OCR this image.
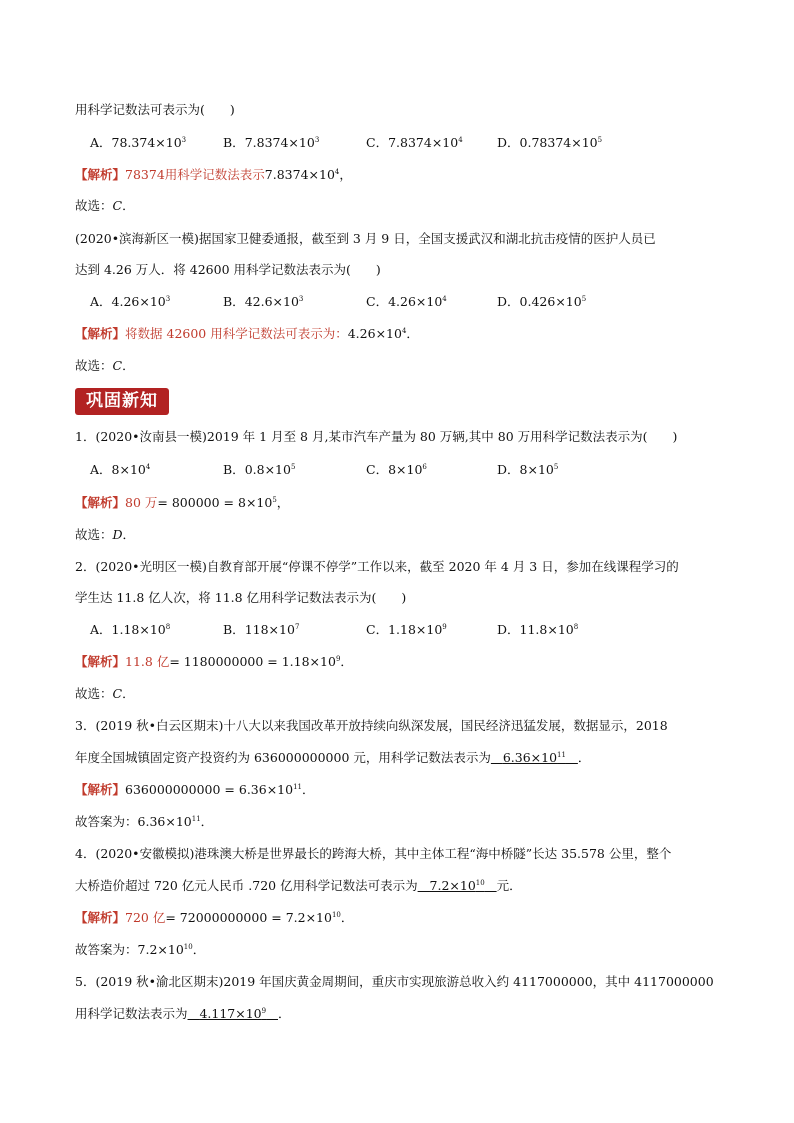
用科学记数法可表示为(　　)
A．$78.374\times 10^3$	B．$7.8374\times 10^3$	C．$7.8374\times 10^4$	D．$0.78374\times 10^5$
【解析】78374用科学记数法表示$7.8374\times 10^4$，
故选：C．
(2020•滨海新区一模)据国家卫健委通报，截至到 3 月 9 日，全国支援武汉和湖北抗击疫情的医护人员已
达到 4.26 万人．将 42600 用科学记数法表示为(　　)
A．$4.26\times 10^3$	B．$42.6\times 10^3$	C．$4.26\times 10^4$	D．$0.426\times 10^5$
【解析】将数据 42600 用科学记数法可表示为：$4.26\times 10^4$．
故选：C．
巩固新知
1．(2020•汝南县一模)2019 年 1 月至 8 月,某市汽车产量为 80 万辆,其中 80 万用科学记数法表示为(　　)
A．$8\times 10^4$	B．$0.8\times 10^5$	C．$8\times 10^6$	D．$8\times 10^5$
【解析】80 万= $800000 = 8\times 10^5$，
故选：D．
2．(2020•光明区一模)自教育部开展“停课不停学”工作以来，截至 2020 年 4 月 3 日，参加在线课程学习的
学生达 11.8 亿人次，将 11.8 亿用科学记数法表示为(　　)
A．$1.18\times 10^8$	B．$118\times 10^7$	C．$1.18\times 10^9$	D．$11.8\times 10^8$
【解析】11.8 亿= $1180000000 = 1.18\times 10^9$．
故选：C．
3．(2019 秋•白云区期末)十八大以来我国改革开放持续向纵深发展，国民经济迅猛发展，数据显示，2018
年度全国城镇固定资产投资约为 636000000000 元，用科学记数法表示为 $6.36\times 10^{11}$ ．
【解析】$636000000000 = 6.36\times 10^{11}$．
故答案为：$6.36\times 10^{11}$．
4．(2020•安徽模拟)港珠澳大桥是世界最长的跨海大桥，其中主体工程“海中桥隧”长达 35.578 公里，整个
大桥造价超过 720 亿元人民币 .720 亿用科学记数法可表示为 $7.2\times 10^{10}$ 元．
【解析】720 亿= $72000000000 = 7.2\times 10^{10}$．
故答案为：$7.2\times 10^{10}$．
5．(2019 秋•渝北区期末)2019 年国庆黄金周期间，重庆市实现旅游总收入约 4117000000，其中 4117000000
用科学记数法表示为 $4.117\times 10^9$ ．
